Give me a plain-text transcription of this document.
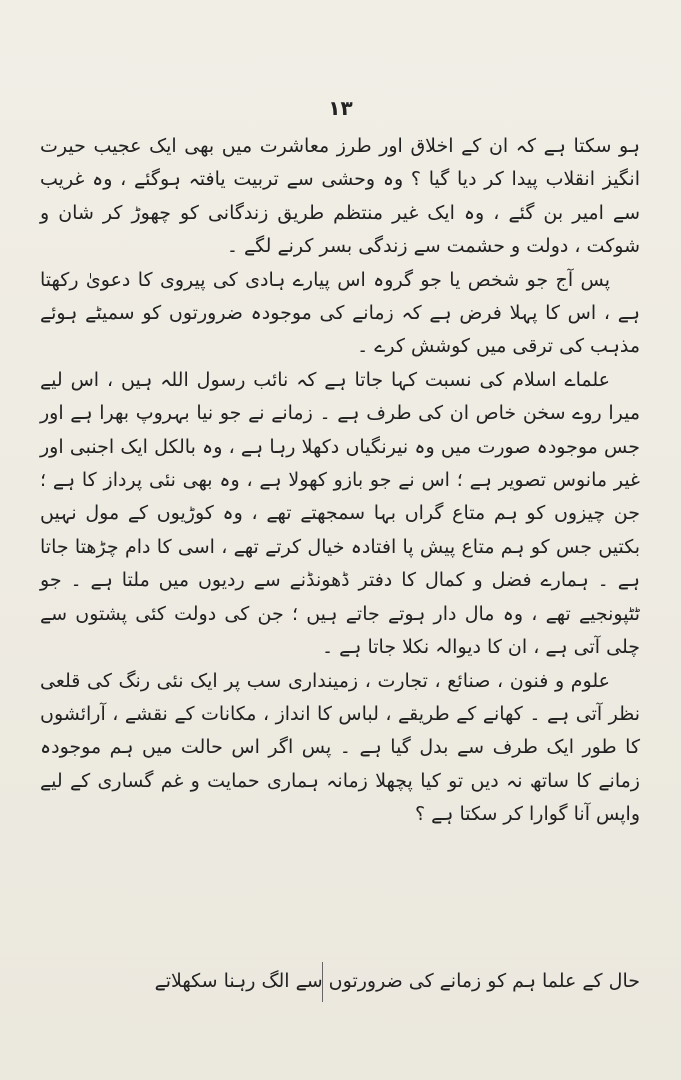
۱۳

ہو سکتا ہے کہ ان کے اخلاق اور طرز معاشرت میں بھی ایک عجیب حیرت انگیز انقلاب پیدا کر دیا گیا ؟ وہ وحشی سے تربیت یافتہ ہوگئے ، وہ غریب سے امیر بن گئے ، وہ ایک غیر منتظم طریق زندگانی کو چھوڑ کر شان و شوکت ، دولت و حشمت سے زندگی بسر کرنے لگے ۔

پس آج جو شخص یا جو گروہ اس پیارے ہادی کی پیروی کا دعویٰ رکھتا ہے ، اس کا پہلا فرض ہے کہ زمانے کی موجودہ ضرورتوں کو سمیٹے ہوئے مذہب کی ترقی میں کوشش کرے ۔

علماے اسلام کی نسبت کہا جاتا ہے کہ نائب رسول اللہ ہیں ، اس لیے میرا روے سخن خاص ان کی طرف ہے ۔ زمانے نے جو نیا بہروپ بھرا ہے اور جس موجودہ صورت میں وہ نیرنگیاں دکھلا رہا ہے ، وہ بالکل ایک اجنبی اور غیر مانوس تصویر ہے ؛ اس نے جو بازو کھولا ہے ، وہ بھی نئی پرداز کا ہے ؛ جن چیزوں کو ہم متاع گراں بہا سمجھتے تھے ، وہ کوڑیوں کے مول نہیں بکتیں جس کو ہم متاع پیش پا افتادہ خیال کرتے تھے ، اسی کا دام چڑھتا جاتا ہے ۔ ہمارے فضل و کمال کا دفتر ڈھونڈنے سے ردیوں میں ملتا ہے ۔ جو ٹٹپونجیے تھے ، وہ مال دار ہوتے جاتے ہیں ؛ جن کی دولت کئی پشتوں سے چلی آتی ہے ، ان کا دیوالہ نکلا جاتا ہے ۔

علوم و فنون ، صنائع ، تجارت ، زمینداری سب پر ایک نئی رنگ کی قلعی نظر آتی ہے ۔ کھانے کے طریقے ، لباس کا انداز ، مکانات کے نقشے ، آرائشوں کا طور ایک طرف سے بدل گیا ہے ۔ پس اگر اس حالت میں ہم موجودہ زمانے کا ساتھ نہ دیں تو کیا پچھلا زمانہ ہماری حمایت و غم گساری کے لیے واپس آنا گوارا کر سکتا ہے ؟

حال کے علما ہم کو زمانے کی ضرورتوں سے الگ رہنا سکھلاتے
